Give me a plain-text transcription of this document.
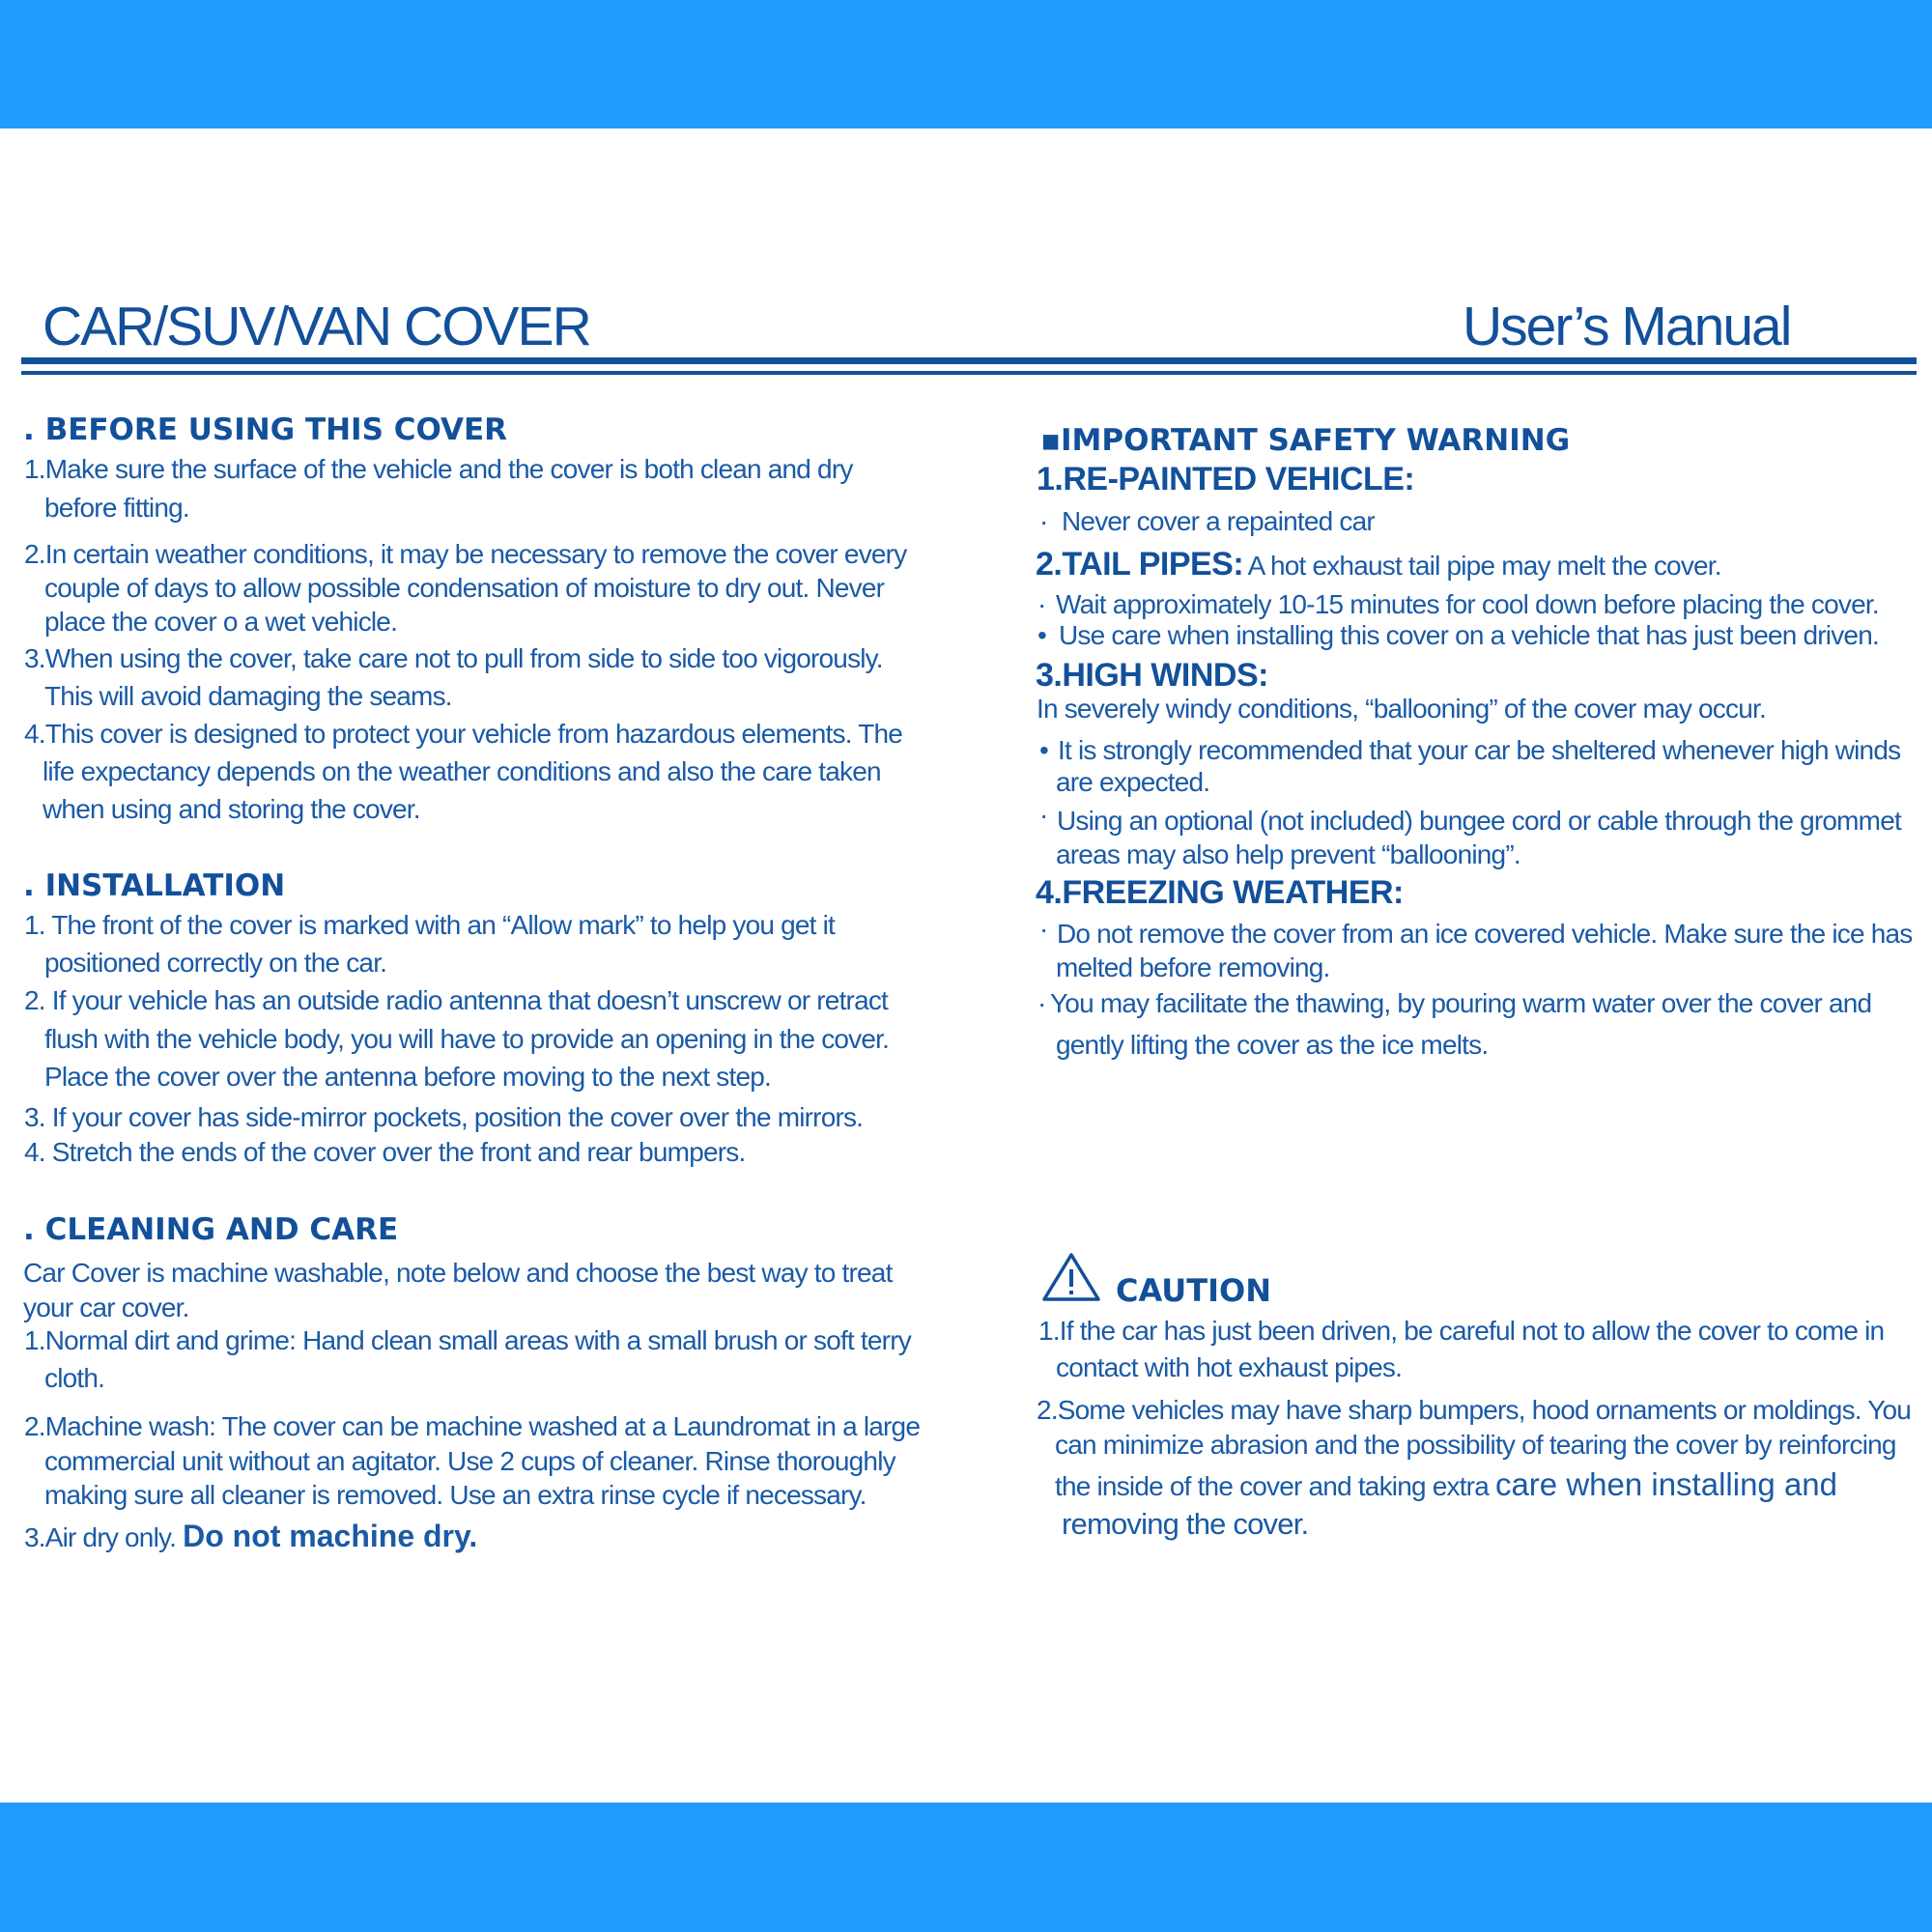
CAR/SUV/VAN COVER	User’s Manual
. BEFORE USING THIS COVER
1.Make sure the surface of the vehicle and the cover is both clean and dry
before fitting.
2.In certain weather conditions, it may be necessary to remove the cover every
couple of days to allow possible condensation of moisture to dry out. Never
place the cover o a wet vehicle.
3.When using the cover, take care not to pull from side to side too vigorously.
This will avoid damaging the seams.
4.This cover is designed to protect your vehicle from hazardous elements. The
life expectancy depends on the weather conditions and also the care taken
when using and storing the cover.
. INSTALLATION
1. The front of the cover is marked with an “Allow mark” to help you get it
positioned correctly on the car.
2. If your vehicle has an outside radio antenna that doesn’t unscrew or retract
flush with the vehicle body, you will have to provide an opening in the cover.
Place the cover over the antenna before moving to the next step.
3. If your cover has side-mirror pockets, position the cover over the mirrors.
4. Stretch the ends of the cover over the front and rear bumpers.
. CLEANING AND CARE
Car Cover is machine washable, note below and choose the best way to treat
your car cover.
1.Normal dirt and grime: Hand clean small areas with a small brush or soft terry
cloth.
2.Machine wash: The cover can be machine washed at a Laundromat in a large
commercial unit without an agitator. Use 2 cups of cleaner. Rinse thoroughly
making sure all cleaner is removed. Use an extra rinse cycle if necessary.
3.Air dry only. Do not machine dry.
▪IMPORTANT SAFETY WARNING
1.RE-PAINTED VEHICLE:
· Never cover a repainted car
2.TAIL PIPES: A hot exhaust tail pipe may melt the cover.
· Wait approximately 10-15 minutes for cool down before placing the cover.
• Use care when installing this cover on a vehicle that has just been driven.
3.HIGH WINDS:
In severely windy conditions, “ballooning” of the cover may occur.
• It is strongly recommended that your car be sheltered whenever high winds
are expected.
· Using an optional (not included) bungee cord or cable through the grommet
areas may also help prevent “ballooning”.
4.FREEZING WEATHER:
· Do not remove the cover from an ice covered vehicle. Make sure the ice has
melted before removing.
· You may facilitate the thawing, by pouring warm water over the cover and
gently lifting the cover as the ice melts.
CAUTION
1.If the car has just been driven, be careful not to allow the cover to come in
contact with hot exhaust pipes.
2.Some vehicles may have sharp bumpers, hood ornaments or moldings. You
can minimize abrasion and the possibility of tearing the cover by reinforcing
the inside of the cover and taking extra care when installing and
removing the cover.
